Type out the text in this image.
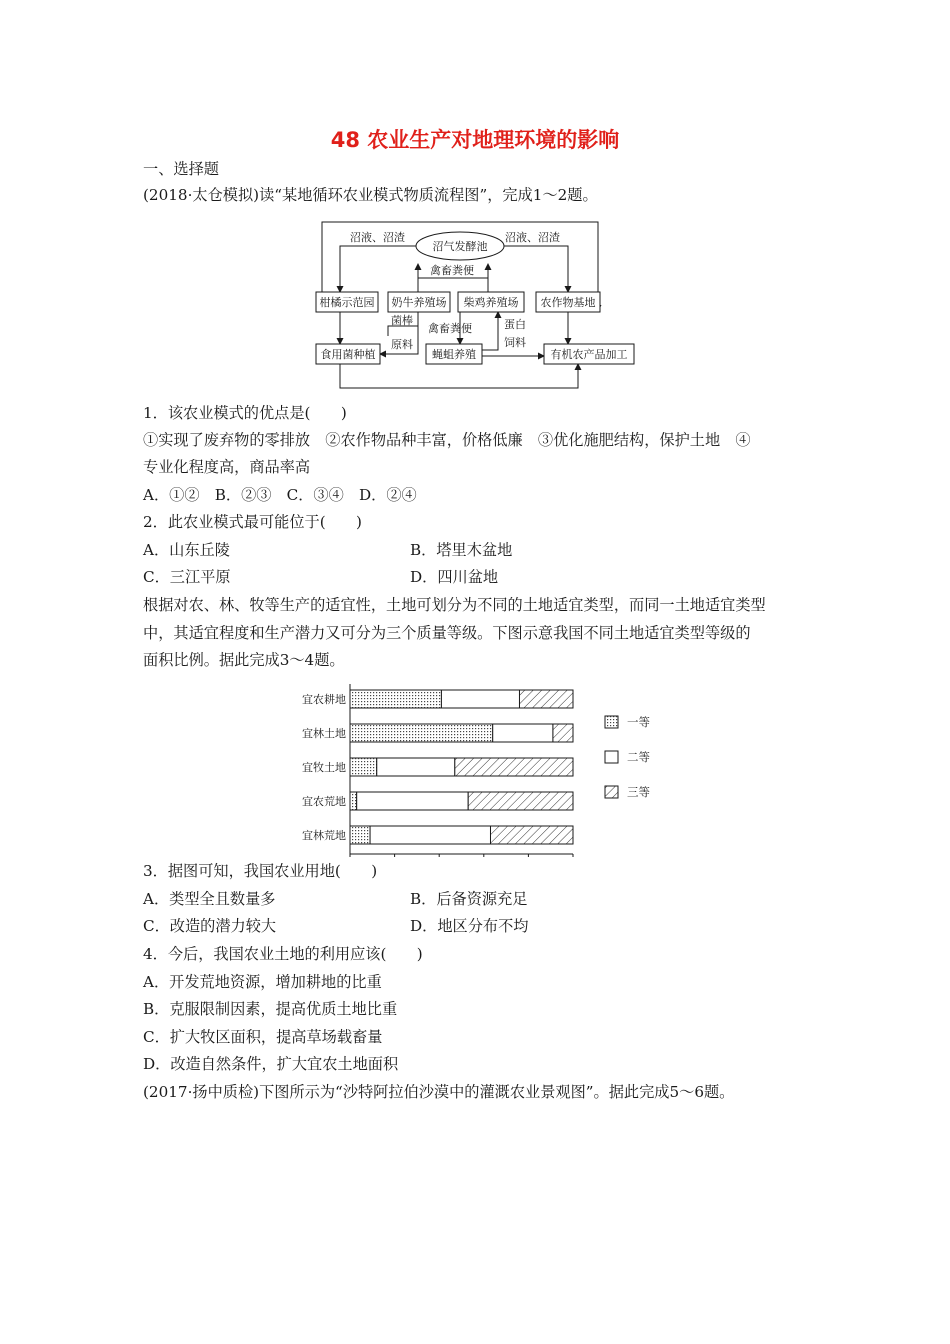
48 农业生产对地理环境的影响
一、选择题
(2018·太仓模拟)读“某地循环农业模式物质流程图”，完成1～2题。
沼气发酵池
沼液、沼渣	沼液、沼渣
禽畜粪便
柑橘示范园 奶牛养殖场 柴鸡养殖场 农作物基地
菌棒
原料
禽畜粪便	蛋白
饲料
食用菌种植	蝇蛆养殖	有机农产品加工
1．该农业模式的优点是(　　)
①实现了废弃物的零排放　②农作物品种丰富，价格低廉　③优化施肥结构，保护土地　④
专业化程度高，商品率高
A．①②　B．②③　C．③④　D．②④
2．此农业模式最可能位于(　　)
A．山东丘陵	B．塔里木盆地
C．三江平原	D．四川盆地
根据对农、林、牧等生产的适宜性，土地可划分为不同的土地适宜类型，而同一土地适宜类型
中，其适宜程度和生产潜力又可分为三个质量等级。下图示意我国不同土地适宜类型等级的
面积比例。据此完成3～4题。
宜农耕地
宜林土地
宜牧土地
宜农荒地
宜林荒地
一等
二等
三等
3．据图可知，我国农业用地(　　)
A．类型全且数量多	B．后备资源充足
C．改造的潜力较大	D．地区分布不均
4．今后，我国农业土地的利用应该(　　)
A．开发荒地资源，增加耕地的比重
B．克服限制因素，提高优质土地比重
C．扩大牧区面积，提高草场载畜量
D．改造自然条件，扩大宜农土地面积
(2017·扬中质检)下图所示为“沙特阿拉伯沙漠中的灌溉农业景观图”。据此完成5～6题。
